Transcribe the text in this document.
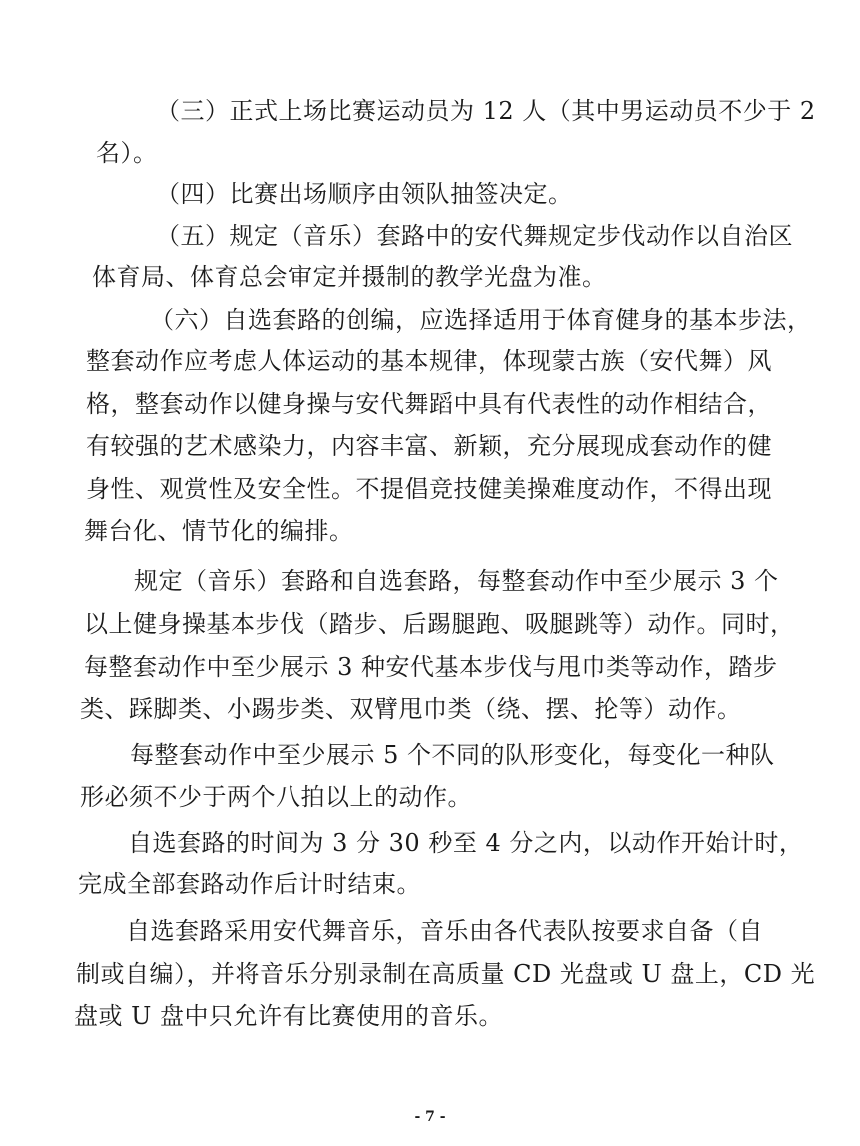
（三）正式上场比赛运动员为 12 人（其中男运动员不少于 2
名）。
（四）比赛出场顺序由领队抽签决定。
（五）规定（音乐）套路中的安代舞规定步伐动作以自治区
体育局、体育总会审定并摄制的教学光盘为准。
（六）自选套路的创编，应选择适用于体育健身的基本步法，
整套动作应考虑人体运动的基本规律，体现蒙古族（安代舞）风
格，整套动作以健身操与安代舞蹈中具有代表性的动作相结合，
有较强的艺术感染力，内容丰富、新颖，充分展现成套动作的健
身性、观赏性及安全性。不提倡竞技健美操难度动作，不得出现
舞台化、情节化的编排。
规定（音乐）套路和自选套路，每整套动作中至少展示 3 个
以上健身操基本步伐（踏步、后踢腿跑、吸腿跳等）动作。同时，
每整套动作中至少展示 3 种安代基本步伐与甩巾类等动作，踏步
类、踩脚类、小踢步类、双臂甩巾类（绕、摆、抡等）动作。
每整套动作中至少展示 5 个不同的队形变化，每变化一种队
形必须不少于两个八拍以上的动作。
自选套路的时间为 3 分 30 秒至 4 分之内，以动作开始计时，
完成全部套路动作后计时结束。
自选套路采用安代舞音乐，音乐由各代表队按要求自备（自
制或自编），并将音乐分别录制在高质量 CD 光盘或 U 盘上，CD 光
盘或 U 盘中只允许有比赛使用的音乐。
- 7 -
